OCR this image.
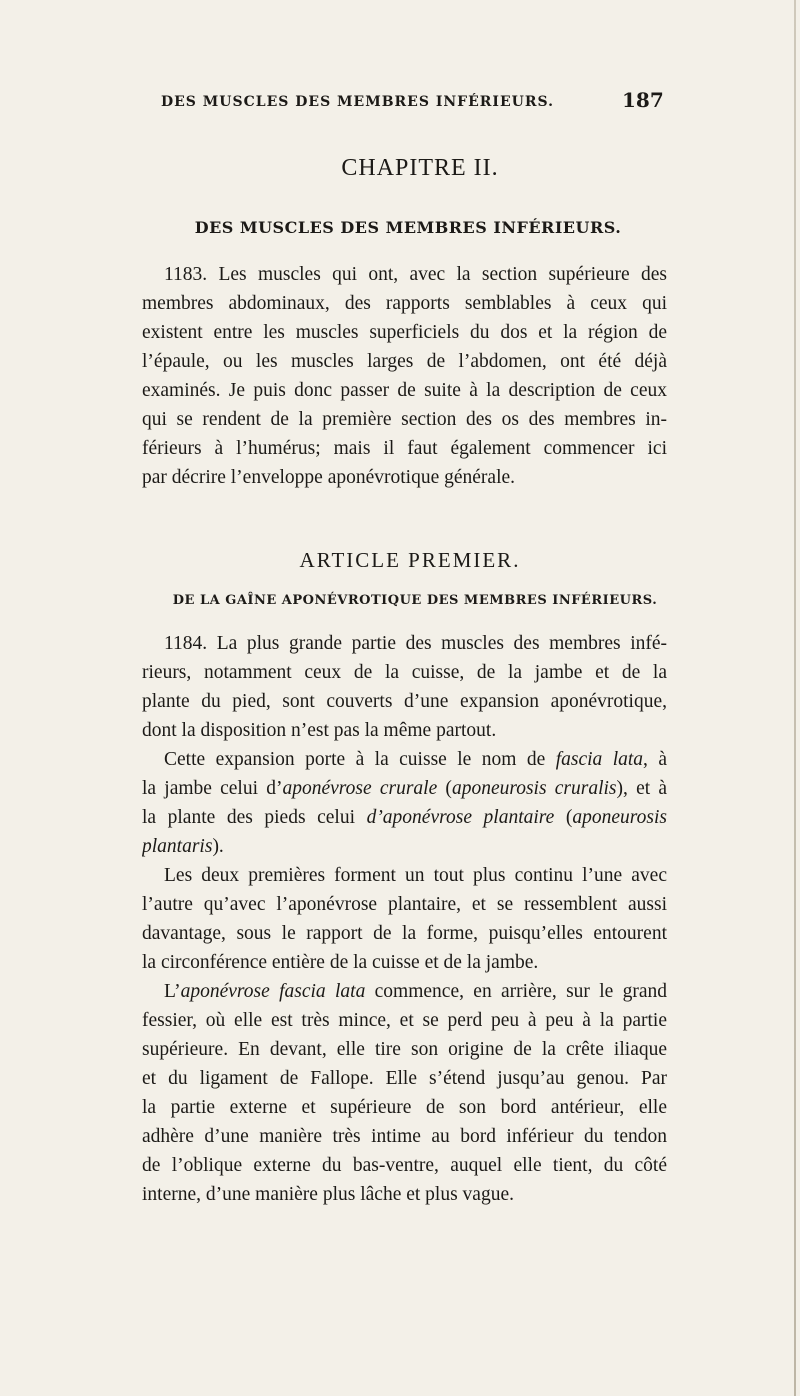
DES MUSCLES DES MEMBRES INFÉRIEURS.	187
CHAPITRE II.
DES MUSCLES DES MEMBRES INFÉRIEURS.
1183. Les muscles qui ont, avec la section supérieure des
membres abdominaux, des rapports semblables à ceux qui
existent entre les muscles superficiels du dos et la région de
l’épaule, ou les muscles larges de l’abdomen, ont été déjà
examinés. Je puis donc passer de suite à la description de ceux
qui se rendent de la première section des os des membres in-
férieurs à l’humérus; mais il faut également commencer ici
par décrire l’enveloppe aponévrotique générale.
ARTICLE PREMIER.
DE LA GAÎNE APONÉVROTIQUE DES MEMBRES INFÉRIEURS.
1184. La plus grande partie des muscles des membres infé-
rieurs, notamment ceux de la cuisse, de la jambe et de la
plante du pied, sont couverts d’une expansion aponévrotique,
dont la disposition n’est pas la même partout.
Cette expansion porte à la cuisse le nom de fascia lata, à
la jambe celui d’aponévrose crurale (aponeurosis cruralis), et à
la plante des pieds celui d’aponévrose plantaire (aponeurosis
plantaris).
Les deux premières forment un tout plus continu l’une avec
l’autre qu’avec l’aponévrose plantaire, et se ressemblent aussi
davantage, sous le rapport de la forme, puisqu’elles entourent
la circonférence entière de la cuisse et de la jambe.
L’aponévrose fascia lata commence, en arrière, sur le grand
fessier, où elle est très mince, et se perd peu à peu à la partie
supérieure. En devant, elle tire son origine de la crête iliaque
et du ligament de Fallope. Elle s’étend jusqu’au genou. Par
la partie externe et supérieure de son bord antérieur, elle
adhère d’une manière très intime au bord inférieur du tendon
de l’oblique externe du bas-ventre, auquel elle tient, du côté
interne, d’une manière plus lâche et plus vague.
